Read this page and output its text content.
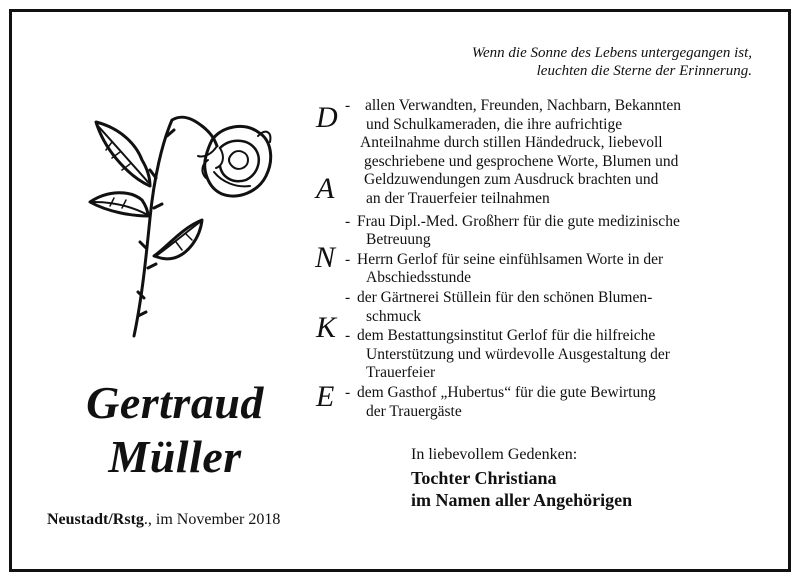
Wenn die Sonne des Lebens untergegangen ist,
leuchten die Sterne der Erinnerung.
D
A
N
K
E
- allen Verwandten, Freunden, Nachbarn, Bekannten
und Schulkameraden, die ihre aufrichtige
Anteilnahme durch stillen Händedruck, liebevoll
geschriebene und gesprochene Worte, Blumen und
Geldzuwendungen zum Ausdruck brachten und
an der Trauerfeier teilnahmen
- Frau Dipl.-Med. Großherr für die gute medizinische
Betreuung
- Herrn Gerlof für seine einfühlsamen Worte in der
Abschiedsstunde
- der Gärtnerei Stüllein für den schönen Blumen-
schmuck
- dem Bestattungsinstitut Gerlof für die hilfreiche
Unterstützung und würdevolle Ausgestaltung der
Trauerfeier
- dem Gasthof „Hubertus“ für die gute Bewirtung
der Trauergäste
Gertraud
Müller
Neustadt/Rstg., im November 2018
In liebevollem Gedenken:
Tochter Christiana
im Namen aller Angehörigen
